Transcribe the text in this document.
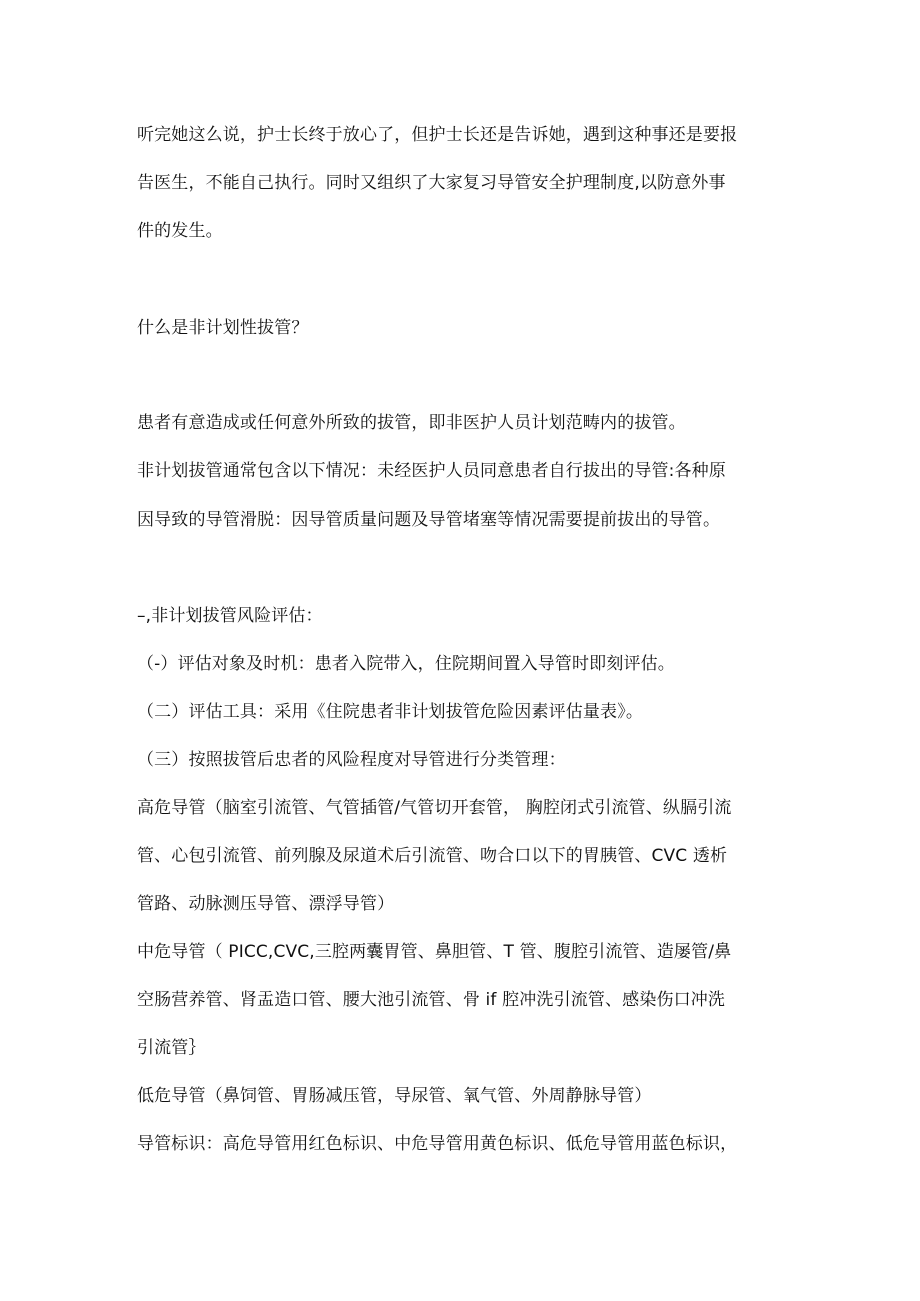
听完她这么说，护士长终于放心了，但护士长还是告诉她，遇到这种事还是要报
告医生，不能自己执行。同时又组织了大家复习导管安全护理制度,以防意外事
件的发生。
什么是非计划性拔管？
患者有意造成或任何意外所致的拔管，即非医护人员计划范畴内的拔管。
非计划拔管通常包含以下情况：未经医护人员同意患者自行拔出的导管:各种原
因导致的导管滑脱：因导管质量问题及导管堵塞等情况需要提前拔出的导管。
–,非计划拔管风险评估：
（-）评估对象及时机：患者入院带入，住院期间置入导管时即刻评估。
（二）评估工具：采用《住院患者非计划拔管危险因素评估量表》。
（三）按照拔管后忠者的风险程度对导管进行分类管理：
高危导管（脑室引流管、气管插管/气管切开套管， 胸腔闭式引流管、纵膈引流
管、心包引流管、前列腺及尿道术后引流管、吻合口以下的胃胰管、CVC 透析
管路、动脉测压导管、漂浮导管）
中危导管（ PICC,CVC,三腔两囊胃管、鼻胆管、T 管、腹腔引流管、造屡管/鼻
空肠营养管、肾盂造口管、腰大池引流管、骨 if 腔冲洗引流管、感染伤口冲洗
引流管｝
低危导管（鼻饲管、胃肠减压管，导尿管、氧气管、外周静脉导管）
导管标识：高危导管用红色标识、中危导管用黄色标识、低危导管用蓝色标识，
